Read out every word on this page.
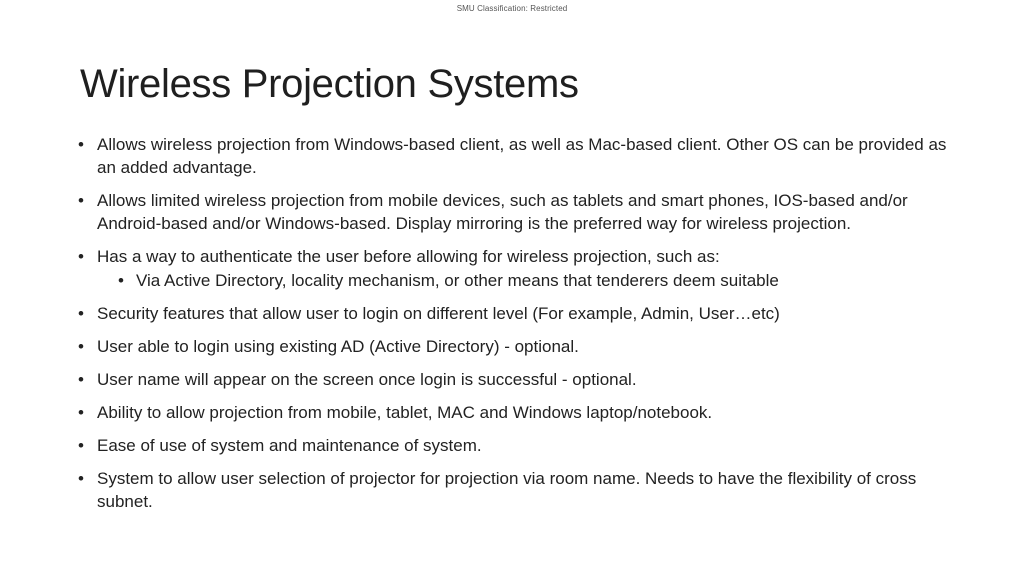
SMU Classification: Restricted
Wireless Projection Systems
• Allows wireless projection from Windows-based client, as well as Mac-based client. Other OS can be provided as an added advantage.
• Allows limited wireless projection from mobile devices, such as tablets and smart phones, IOS-based and/or Android-based and/or Windows-based. Display mirroring is the preferred way for wireless projection.
• Has a way to authenticate the user before allowing for wireless projection, such as:
• Via Active Directory, locality mechanism, or other means that tenderers deem suitable
• Security features that allow user to login on different level (For example, Admin, User…etc)
• User able to login using existing AD (Active Directory) - optional.
• User name will appear on the screen once login is successful - optional.
• Ability to allow projection from mobile, tablet, MAC and Windows laptop/notebook.
• Ease of use of system and maintenance of system.
• System to allow user selection of projector for projection via room name. Needs to have the flexibility of cross subnet.
